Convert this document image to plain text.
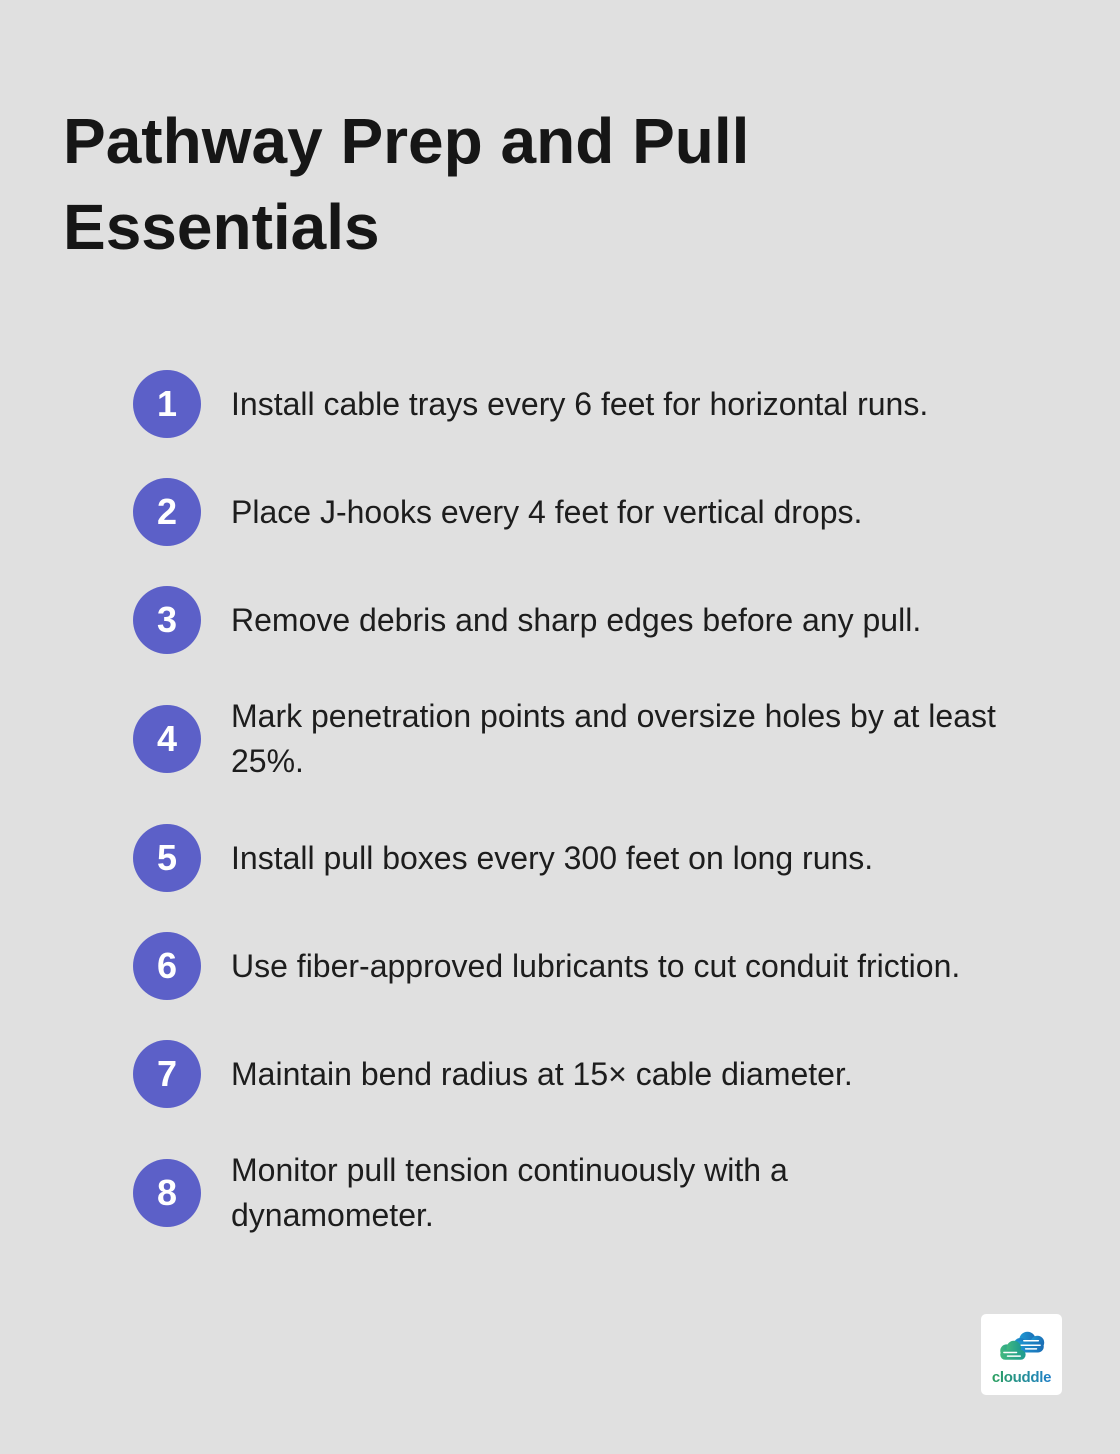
Pathway Prep and Pull Essentials
1 Install cable trays every 6 feet for horizontal runs.
2 Place J-hooks every 4 feet for vertical drops.
3 Remove debris and sharp edges before any pull.
4
Mark penetration points and oversize holes by at least 25%.
5 Install pull boxes every 300 feet on long runs.
6 Use fiber-approved lubricants to cut conduit friction.
7 Maintain bend radius at 15× cable diameter.
8
Monitor pull tension continuously with a dynamometer.
clouddle
